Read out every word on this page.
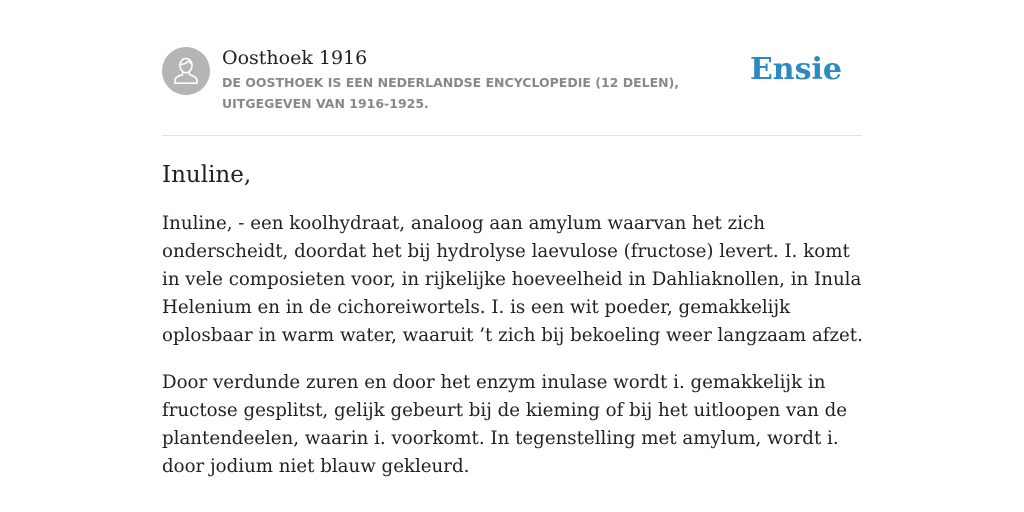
Oosthoek 1916
DE OOSTHOEK IS EEN NEDERLANDSE ENCYCLOPEDIE (12 DELEN), UITGEGEVEN VAN 1916-1925.
Ensie
Inuline,

Inuline, - een koolhydraat, analoog aan amylum waarvan het zich onderscheidt, doordat het bij hydrolyse laevulose (fructose) levert. I. komt in vele composieten voor, in rijkelijke hoeveelheid in Dahliaknollen, in Inula Helenium en in de cichoreiwortels. I. is een wit poeder, gemakkelijk oplosbaar in warm water, waaruit ’t zich bij bekoeling weer langzaam afzet.

Door verdunde zuren en door het enzym inulase wordt i. gemakkelijk in fructose gesplitst, gelijk gebeurt bij de kieming of bij het uitloopen van de plantendeelen, waarin i. voorkomt. In tegenstelling met amylum, wordt i. door jodium niet blauw gekleurd.
